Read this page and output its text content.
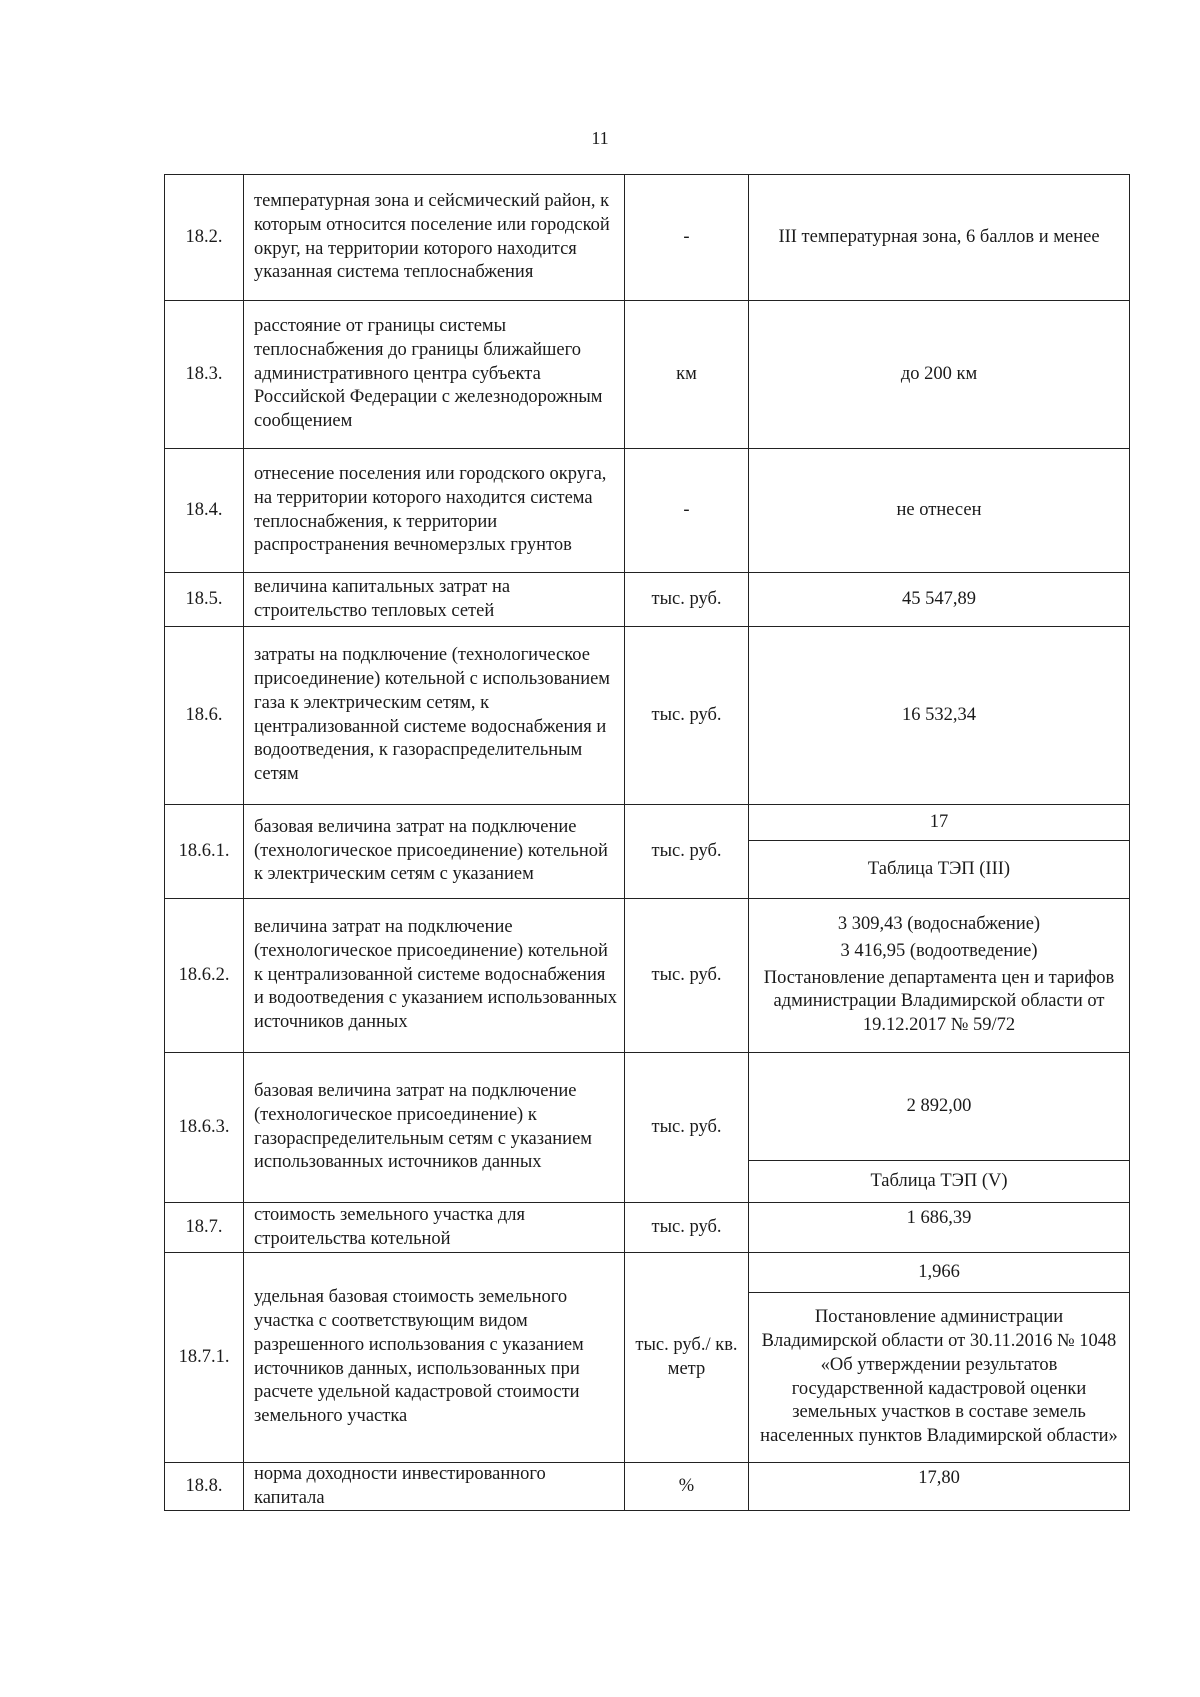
11
18.2.	температурная зона и сейсмический район, к которым относится поселение или городской округ, на территории которого находится указанная система теплоснабжения	-	III температурная зона, 6 баллов и менее
18.3.	расстояние от границы системы теплоснабжения до границы ближайшего административного центра субъекта Российской Федерации с железнодорожным сообщением	км	до 200 км
18.4.	отнесение поселения или городского округа, на территории которого находится система теплоснабжения, к территории распространения вечномерзлых грунтов	-	не отнесен
18.5.	величина капитальных затрат на строительство тепловых сетей	тыс. руб.	45 547,89
18.6.	затраты на подключение (технологическое присоединение) котельной с использованием газа к электрическим сетям, к централизованной системе водоснабжения и водоотведения, к газораспределительным сетям	тыс. руб.	16 532,34
18.6.1.	базовая величина затрат на подключение (технологическое присоединение) котельной к электрическим сетям с указанием	тыс. руб.	17
			Таблица ТЭП (III)
18.6.2.	величина затрат на подключение (технологическое присоединение) котельной к централизованной системе водоснабжения и водоотведения с указанием использованных источников данных	тыс. руб.	3 309,43 (водоснабжение)
3 416,95 (водоотведение)
Постановление департамента цен и тарифов администрации Владимирской области от 19.12.2017 № 59/72

18.6.3.	базовая величина затрат на подключение (технологическое присоединение) к газораспределительным сетям с указанием использованных источников данных	тыс. руб.	2 892,00
			Таблица ТЭП (V)
18.7.	стоимость земельного участка для строительства котельной	тыс. руб.	1 686,39
18.7.1.	удельная базовая стоимость земельного участка с соответствующим видом разрешенного использования с указанием источников данных, использованных при расчете удельной кадастровой стоимости земельного участка	тыс. руб./ кв. метр	1,966
			Постановление администрации Владимирской области от 30.11.2016 № 1048 «Об утверждении результатов государственной кадастровой оценки земельных участков в составе земель населенных пунктов Владимирской области»
18.8.	норма доходности инвестированного капитала	%	17,80
